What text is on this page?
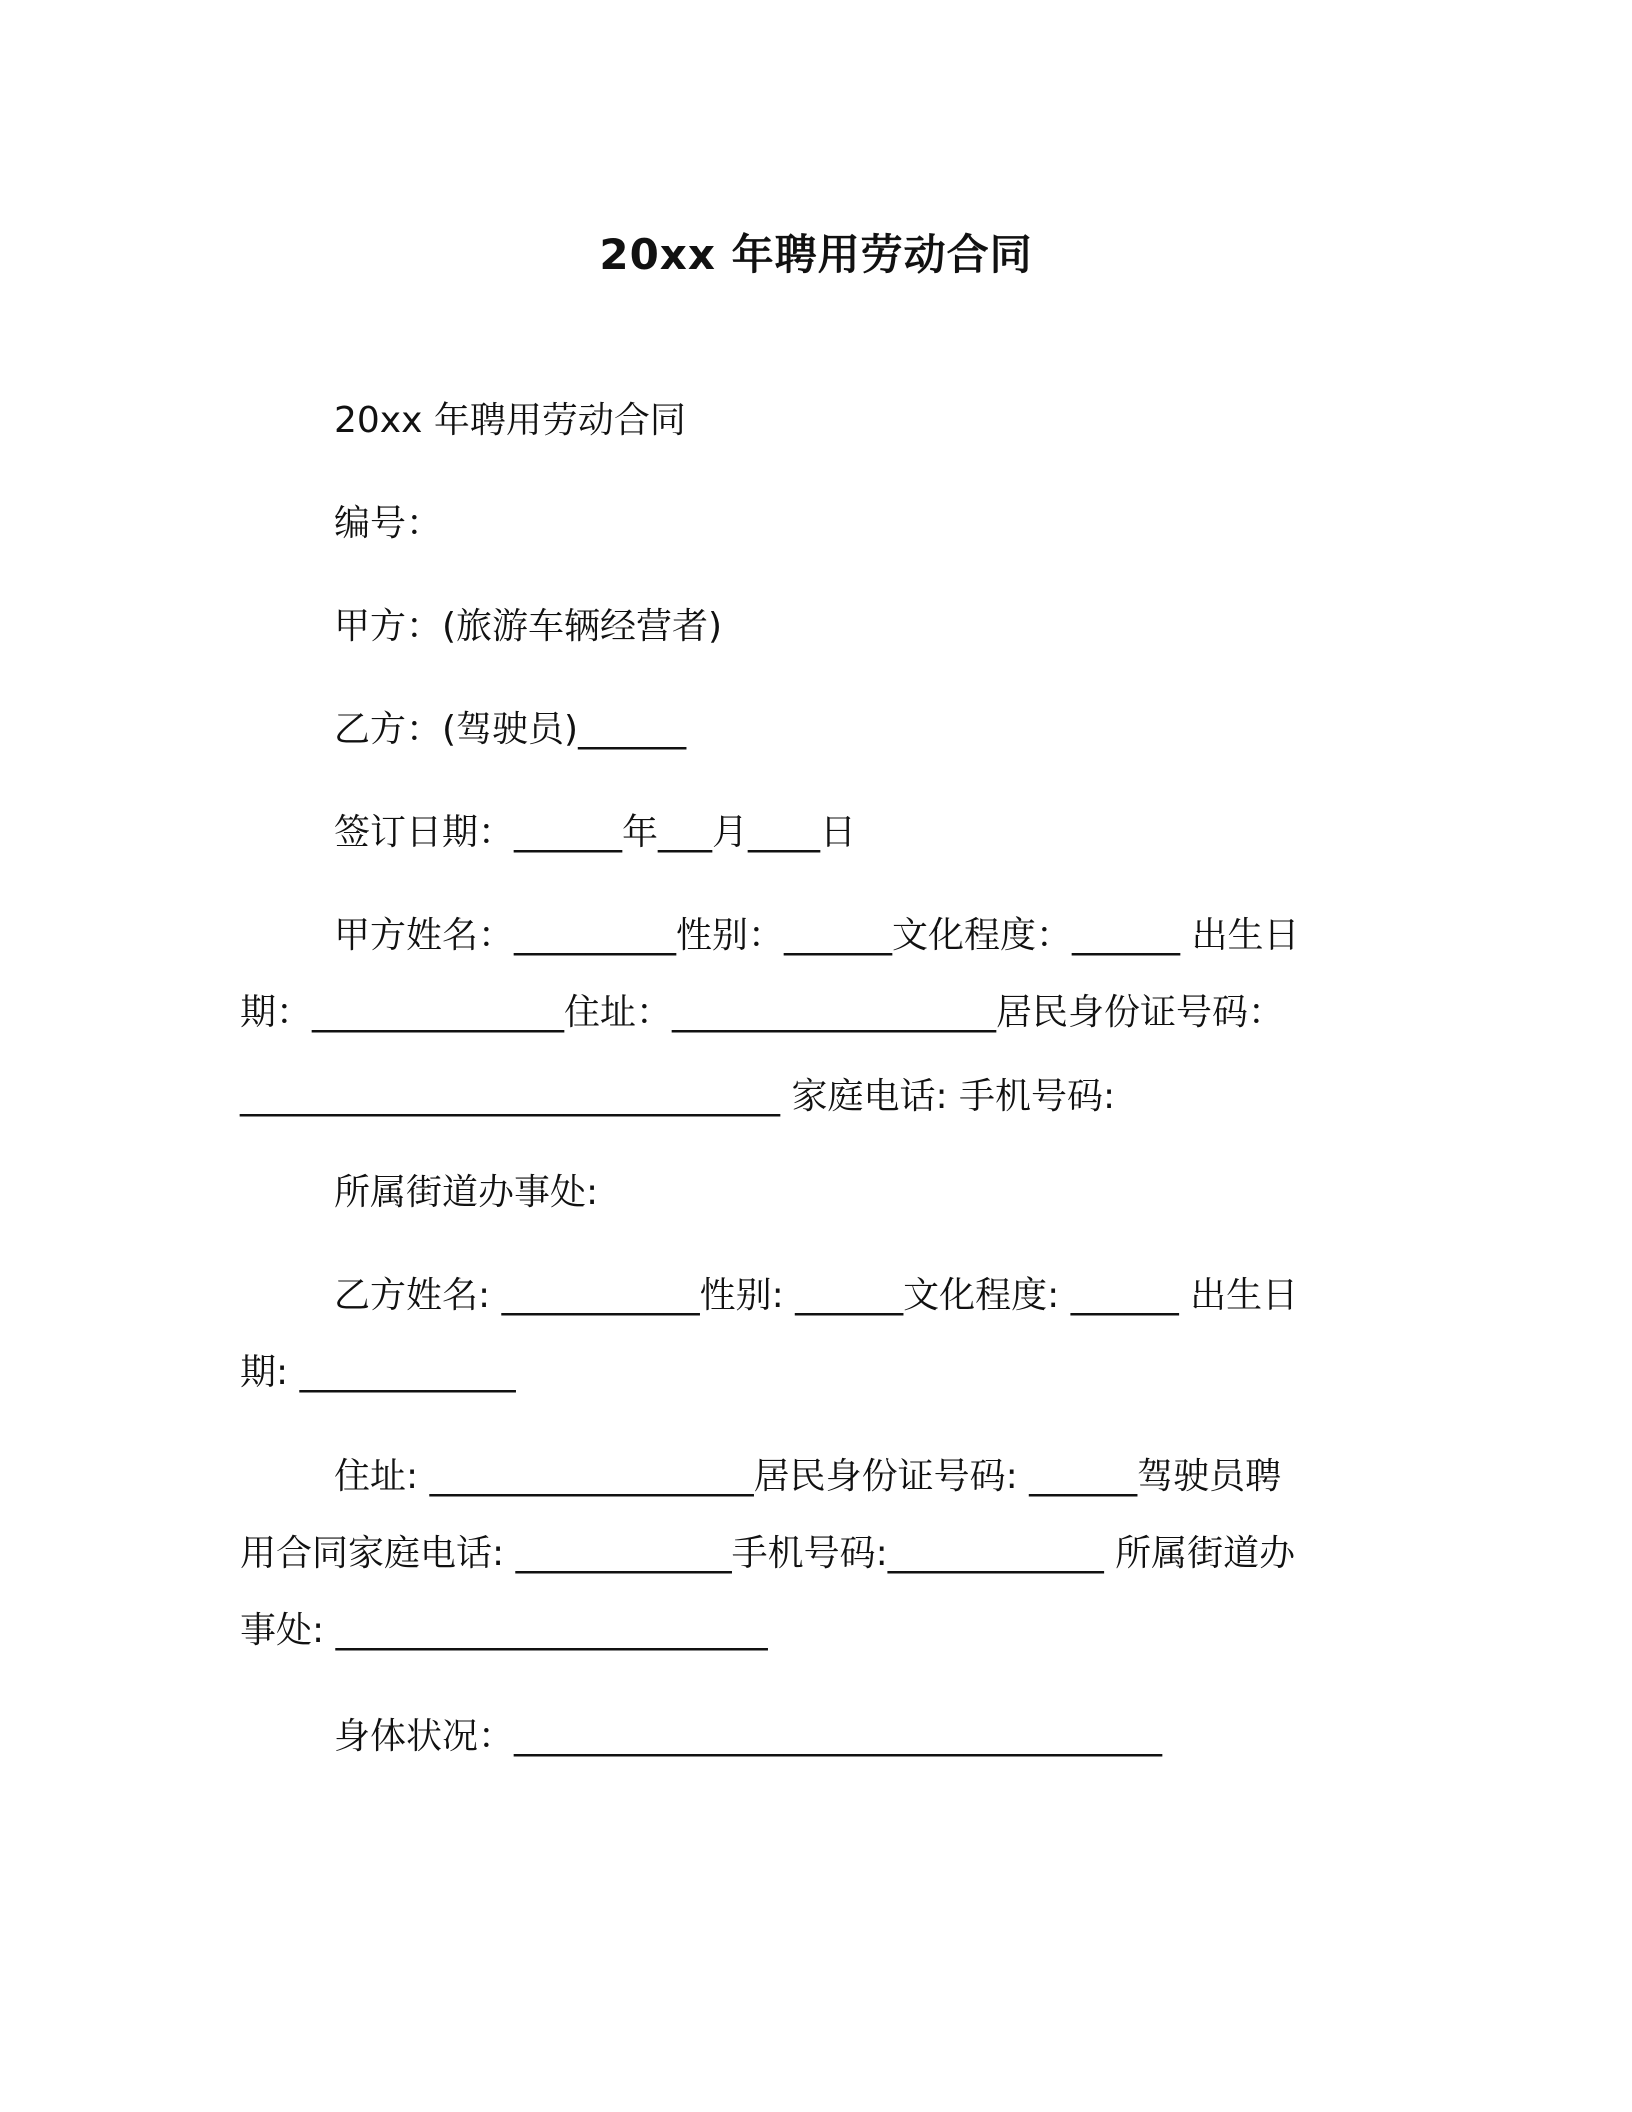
20xx 年聘用劳动合同
20xx 年聘用劳动合同
编号：
甲方：(旅游车辆经营者)
乙方：(驾驶员)______
签订日期：______年___月____日
甲方姓名：_________性别：______文化程度：______ 出生日
期：______________住址：__________________居民身份证号码：
______________________________ 家庭电话: 手机号码:
所属街道办事处:
乙方姓名: ___________性别: ______文化程度: ______ 出生日
期: ____________
住址: __________________居民身份证号码: ______驾驶员聘
用合同家庭电话: ____________手机号码:____________ 所属街道办
事处: ________________________
身体状况：____________________________________
